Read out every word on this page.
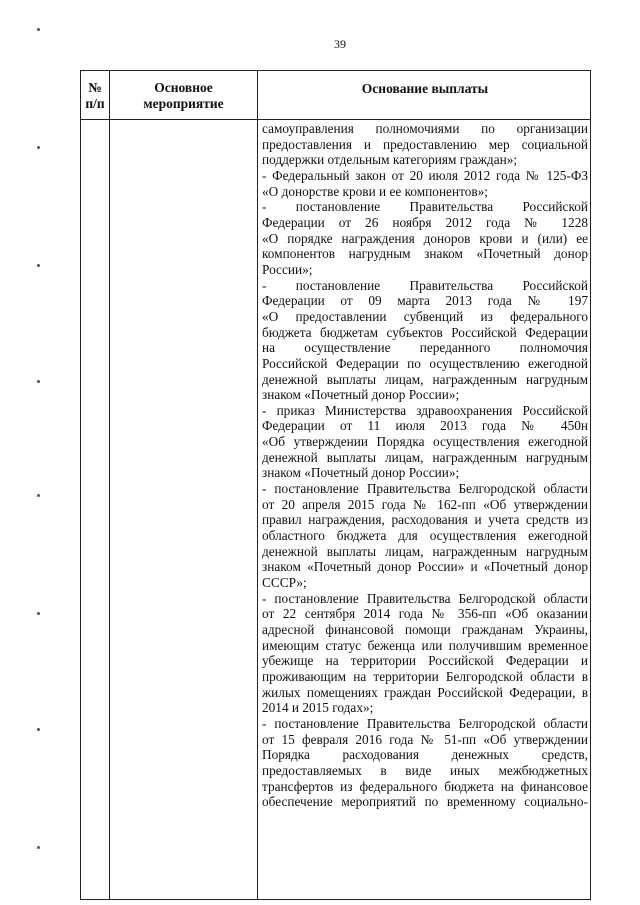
39
№
п/п
Основное
мероприятие
Основание выплаты
самоуправления полномочиями по организации
предоставления и предоставлению мер социальной
поддержки отдельным категориям граждан»;
- Федеральный закон от 20 июля 2012 года № 125-ФЗ
«О донорстве крови и ее компонентов»;
- постановление Правительства Российской
Федерации от 26 ноября 2012 года № 1228
«О порядке награждения доноров крови и (или) ее
компонентов нагрудным знаком «Почетный донор
России»;
- постановление Правительства Российской
Федерации от 09 марта 2013 года № 197
«О предоставлении субвенций из федерального
бюджета бюджетам субъектов Российской Федерации
на осуществление переданного полномочия
Российской Федерации по осуществлению ежегодной
денежной выплаты лицам, награжденным нагрудным
знаком «Почетный донор России»;
- приказ Министерства здравоохранения Российской
Федерации от 11 июля 2013 года № 450н
«Об утверждении Порядка осуществления ежегодной
денежной выплаты лицам, награжденным нагрудным
знаком «Почетный донор России»;
- постановление Правительства Белгородской области
от 20 апреля 2015 года № 162-пп «Об утверждении
правил награждения, расходования и учета средств из
областного бюджета для осуществления ежегодной
денежной выплаты лицам, награжденным нагрудным
знаком «Почетный донор России» и «Почетный донор
СССР»;
- постановление Правительства Белгородской области
от 22 сентября 2014 года № 356-пп «Об оказании
адресной финансовой помощи гражданам Украины,
имеющим статус беженца или получившим временное
убежище на территории Российской Федерации и
проживающим на территории Белгородской области в
жилых помещениях граждан Российской Федерации, в
2014 и 2015 годах»;
- постановление Правительства Белгородской области
от 15 февраля 2016 года № 51-пп «Об утверждении
Порядка расходования денежных средств,
предоставляемых в виде иных межбюджетных
трансфертов из федерального бюджета на финансовое
обеспечение мероприятий по временному социально-
